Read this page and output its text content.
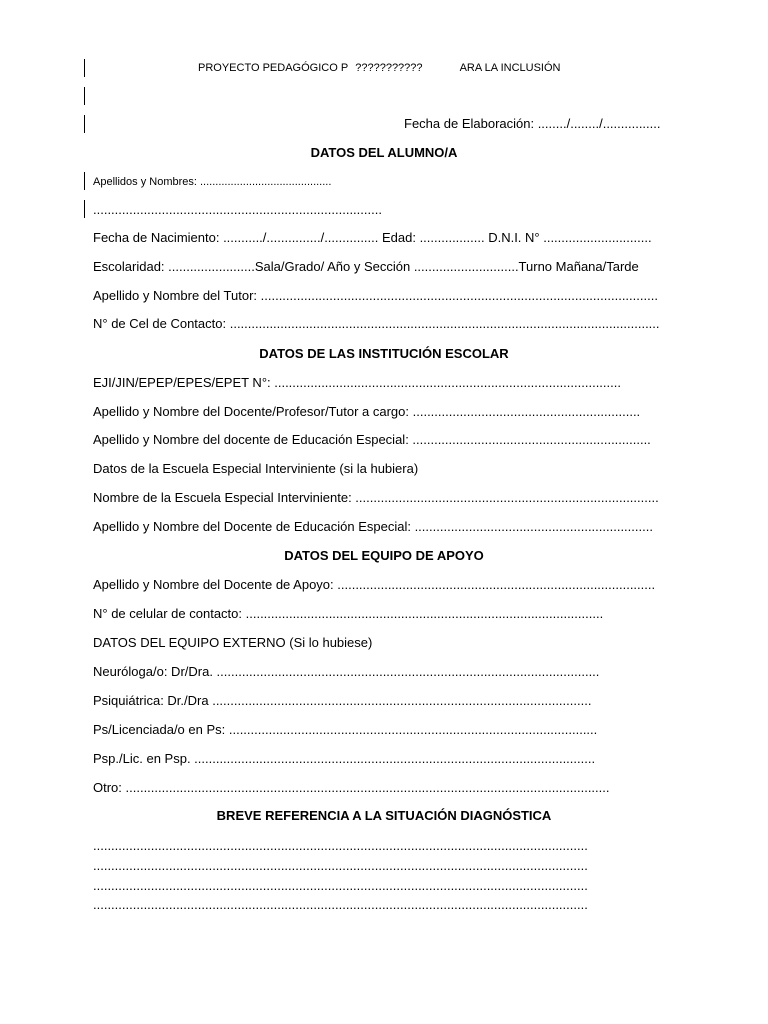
PROYECTO PEDAGÓGICO P ???????????	ARA LA INCLUSIÓN
Fecha de Elaboración: ......../......../................
DATOS DEL ALUMNO/A
Apellidos y Nombres: ...........................................
................................................................................
Fecha de Nacimiento: .........../.............../............... Edad: .................. D.N.I. N° ..............................
Escolaridad: ........................Sala/Grado/ Año y Sección .............................Turno Mañana/Tarde
Apellido y Nombre del Tutor: ..............................................................................................................
N° de Cel de Contacto: .......................................................................................................................
DATOS DE LAS INSTITUCIÓN ESCOLAR
EJI/JIN/EPEP/EPES/EPET N°: ................................................................................................
Apellido y Nombre del Docente/Profesor/Tutor a cargo: ...............................................................
Apellido y Nombre del docente de Educación Especial: ..................................................................
Datos de la Escuela Especial Interviniente (si la hubiera)
Nombre de la Escuela Especial Interviniente: ....................................................................................
Apellido y Nombre del Docente de Educación Especial: ..................................................................
DATOS DEL EQUIPO DE APOYO
Apellido y Nombre del Docente de Apoyo: ........................................................................................
N° de celular de contacto: ...................................................................................................
DATOS DEL EQUIPO EXTERNO (Si lo hubiese)
Neuróloga/o: Dr/Dra. ..........................................................................................................
Psiquiátrica: Dr./Dra .........................................................................................................
Ps/Licenciada/o en Ps: ......................................................................................................
Psp./Lic. en Psp. ...............................................................................................................
Otro: ......................................................................................................................................
BREVE REFERENCIA A LA SITUACIÓN DIAGNÓSTICA
.........................................................................................................................................
.........................................................................................................................................
.........................................................................................................................................
.........................................................................................................................................
